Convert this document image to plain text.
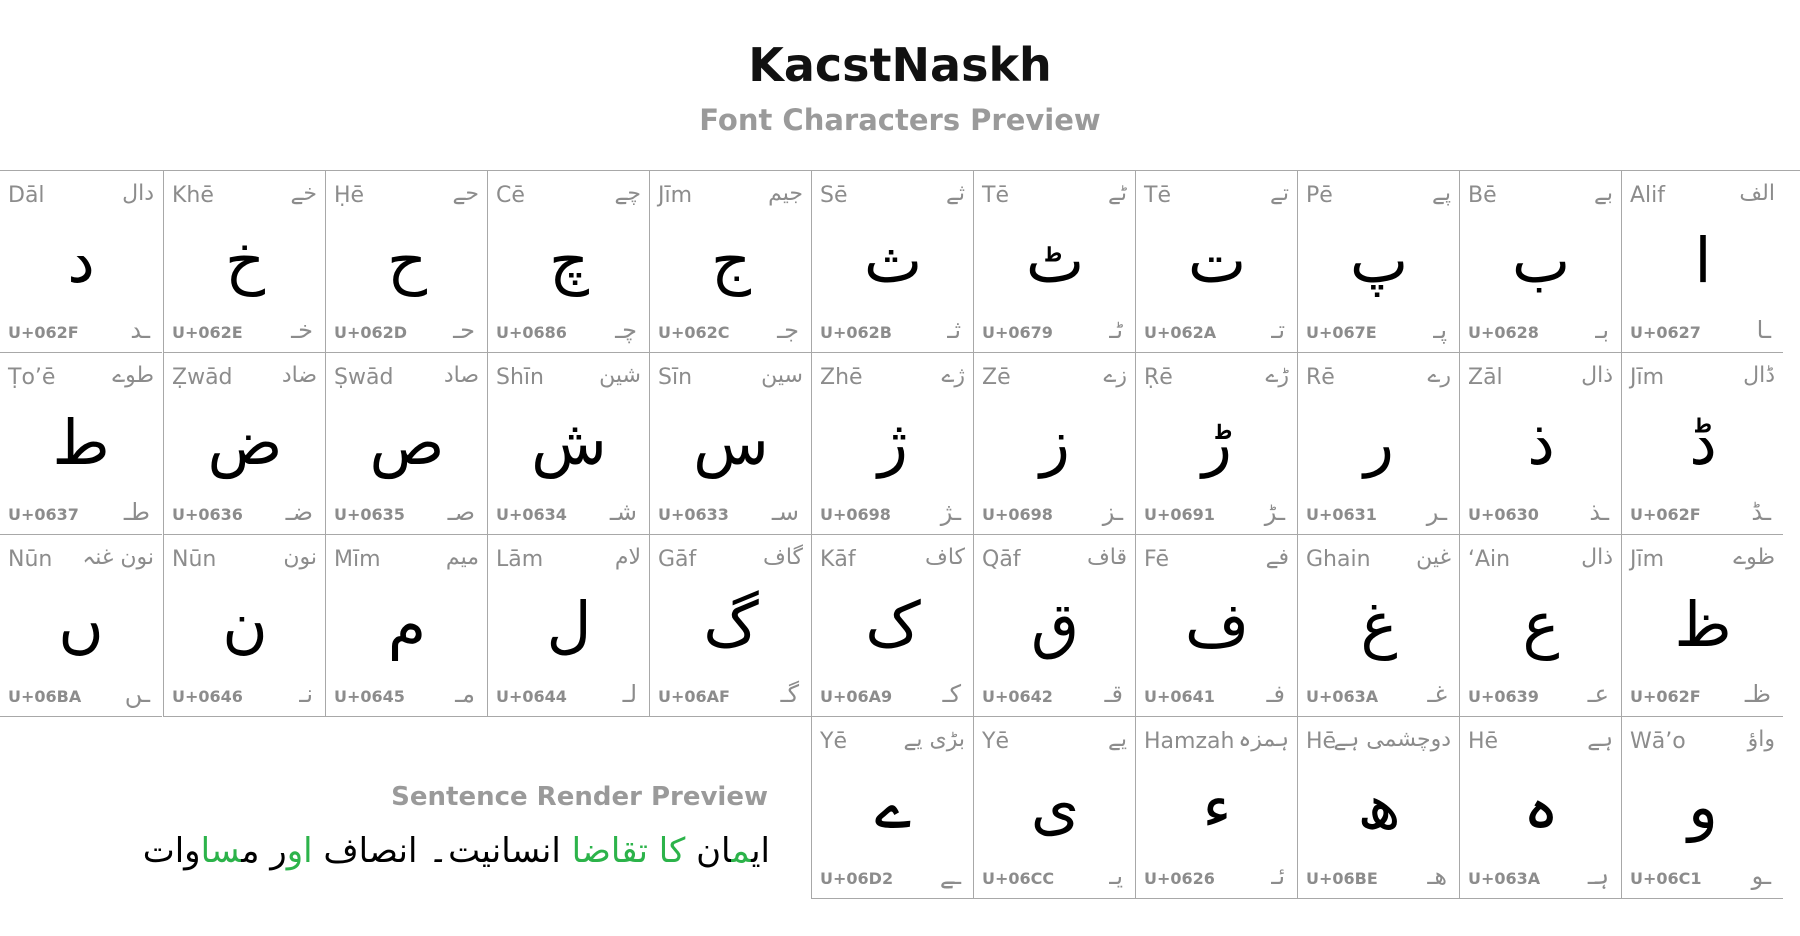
KacstNaskh
Font Characters Preview
Dāl	دال
د
U+062F ـد
Khē	خے
خ
U+062E خـ
Ḥē	حے
ح
U+062D حـ
Cē	چے
چ
U+0686 چـ
Jīm	جیم
ج
U+062C جـ
Sē	ثے
ث
U+062B ثـ
Tē	ٹے
ٹ
U+0679 ٹـ
Tē	تے
ت
U+062A تـ
Pē	پے
پ
U+067E پـ
Bē	بے
ب
U+0628 بـ
Alif	الف
ا
U+0627 ـا
Ṭo’ē	طوے
ط
U+0637 طـ
Ẓwād ضاد
ض
U+0636 ضـ
Ṣwād صاد
ص
U+0635 صـ
Shīn	شین
ش
U+0634 شـ
Sīn	سین
س
U+0633 سـ
Zhē	ژے
ژ
U+0698 ـژ
Zē	زے
ز
U+0698 ـز
Ṛē	ڑے
ڑ
U+0691 ـڑ
Rē	رے
ر
U+0631 ـر
Zāl	ذال
ذ
U+0630 ـذ
Jīm	ڈال
ڈ
U+062F ـڈ
Nūn نون غنہ
ں
U+06BA ـں
Nūn	نون
ن
U+0646 نـ
Mīm	میم
م
U+0645 مـ
Lām	لام
ل
U+0644 لـ
Gāf	گاف
گ
U+06AF گـ
Kāf	کاف
ک
U+06A9 کـ
Qāf	قاف
ق
U+0642 قـ
Fē	فے
ف
U+0641 فـ
Ghain غین
غ
U+063A غـ
‘Ain	ذال
ع
U+0639 عـ
Jīm	ظوے
ظ
U+062F ظـ
Yē	بڑی یے
ے
U+06D2 ـے
Yē	یے
ی
U+06CC یـ
Hamzah ہمزہ
ء
U+0626 ئـ
Hē
دوچشمی ہے
ھ
U+06BE ھـ
Hē	ہے
ہ
U+063A ہـ
Wā’o	واؤ
و
U+06C1 ـو
Sentence Render Preview
ایمان کا تقاضا انسانیت۔ انصاف اور مساوات
